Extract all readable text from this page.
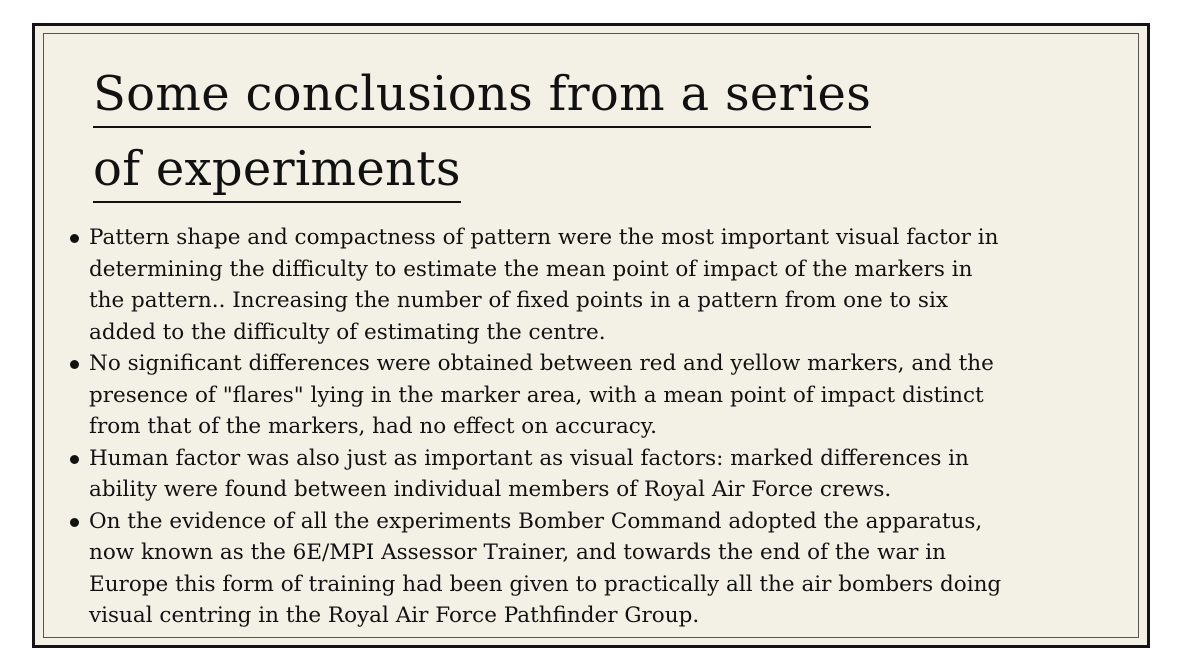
Some conclusions from a series
of experiments
Pattern shape and compactness of pattern were the most important visual factor in
determining the difficulty to estimate the mean point of impact of the markers in
the pattern.. Increasing the number of fixed points in a pattern from one to six
added to the difficulty of estimating the centre.
No significant differences were obtained between red and yellow markers, and the
presence of "flares" lying in the marker area, with a mean point of impact distinct
from that of the markers, had no effect on accuracy.
Human factor was also just as important as visual factors: marked differences in
ability were found between individual members of Royal Air Force crews.
On the evidence of all the experiments Bomber Command adopted the apparatus,
now known as the 6E/MPI Assessor Trainer, and towards the end of the war in
Europe this form of training had been given to practically all the air bombers doing
visual centring in the Royal Air Force Pathfinder Group.
